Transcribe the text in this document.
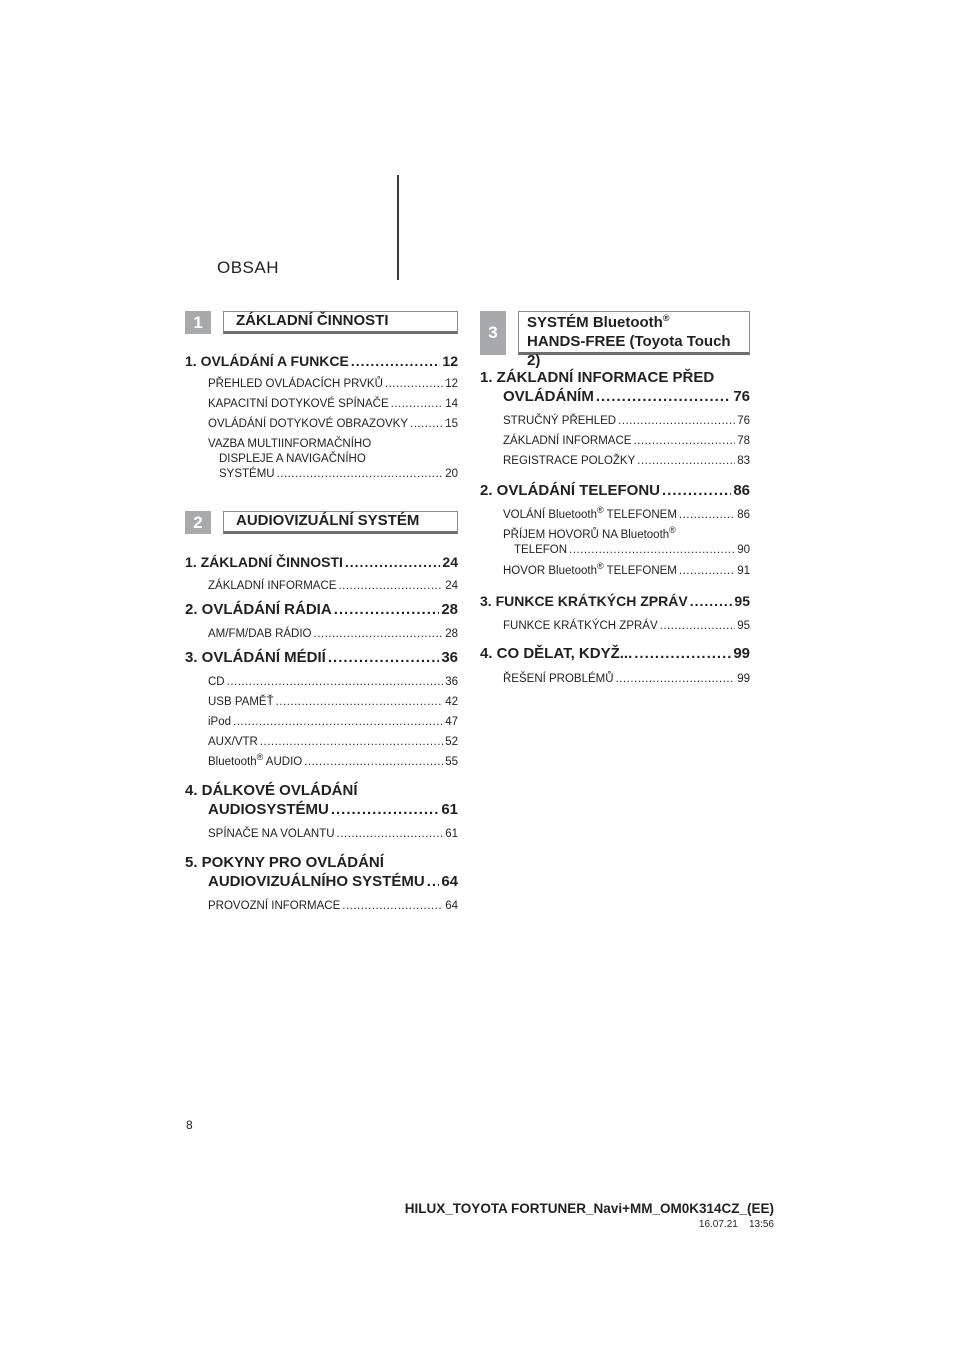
OBSAH
1	ZÁKLADNÍ ČINNOSTI
1. OVLÁDÁNÍ A FUNKCE .....	12
PŘEHLED OVLÁDACÍCH PRVKŮ .....	12
KAPACITNÍ DOTYKOVÉ SPÍNAČE .....	14
OVLÁDÁNÍ DOTYKOVÉ OBRAZOVKY .....	15
VAZBA MULTIINFORMAČNÍHO
DISPLEJE A NAVIGAČNÍHO
SYSTÉMU .....	20
2	AUDIOVIZUÁLNÍ SYSTÉM
1. ZÁKLADNÍ ČINNOSTI .....	24
ZÁKLADNÍ INFORMACE .....	24
2. OVLÁDÁNÍ RÁDIA .....	28
AM/FM/DAB RÁDIO .....	28
3. OVLÁDÁNÍ MÉDIÍ .....	36
CD .....	36
USB PAMĚŤ .....	42
iPod .....	47
AUX/VTR .....	52
Bluetooth® AUDIO .....	55
4. DÁLKOVÉ OVLÁDÁNÍ
AUDIOSYSTÉMU .....	61
SPÍNAČE NA VOLANTU .....	61
5. POKYNY PRO OVLÁDÁNÍ
AUDIOVIZUÁLNÍHO SYSTÉMU ..... 64
PROVOZNÍ INFORMACE .....	64
3
SYSTÉM Bluetooth®
HANDS-FREE (Toyota Touch 2)
1. ZÁKLADNÍ INFORMACE PŘED
OVLÁDÁNÍM .....	76
STRUČNÝ PŘEHLED .....	76
ZÁKLADNÍ INFORMACE .....	78
REGISTRACE POLOŽKY .....	83
2. OVLÁDÁNÍ TELEFONU .....	86
VOLÁNÍ Bluetooth® TELEFONEM .....	86
PŘÍJEM HOVORŮ NA Bluetooth®
TELEFON .....	90
HOVOR Bluetooth® TELEFONEM .....	91
3. FUNKCE KRÁTKÝCH ZPRÁV .....	95
FUNKCE KRÁTKÝCH ZPRÁV .....	95
4. CO DĚLAT, KDYŽ... .....	99
ŘEŠENÍ PROBLÉMŮ .....	99
8
HILUX_TOYOTA FORTUNER_Navi+MM_OM0K314CZ_(EE)
16.07.21 13:56
